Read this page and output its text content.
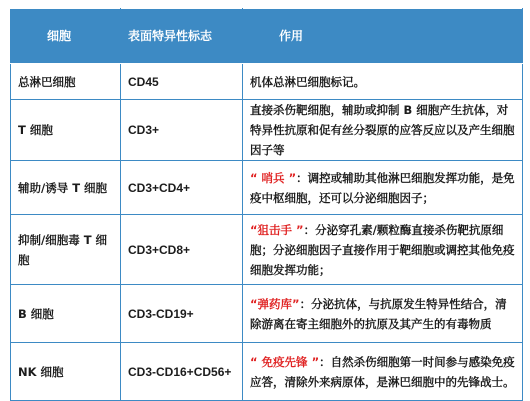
细胞	表面特异性标志	作用
总淋巴细胞	CD45	机体总淋巴细胞标记。
T 细胞	CD3+	直接杀伤靶细胞，辅助或抑制 B 细胞产生抗体，对特异性抗原和促有丝分裂原的应答反应以及产生细胞因子等
辅助/诱导 T 细胞	CD3+CD4+	“ 哨兵 ”：调控或辅助其他淋巴细胞发挥功能，是免疫中枢细胞，还可以分泌细胞因子；
抑制/细胞毒 T 细胞	CD3+CD8+	“狙击手 ”：分泌穿孔素/颗粒酶直接杀伤靶抗原细胞；分泌细胞因子直接作用于靶细胞或调控其他免疫细胞发挥功能；
B 细胞	CD3-CD19+	“弹药库”：分泌抗体，与抗原发生特异性结合，清除游离在寄主细胞外的抗原及其产生的有毒物质
NK 细胞	CD3-CD16+CD56+	“ 免疫先锋 ”：自然杀伤细胞第一时间参与感染免疫应答，清除外来病原体，是淋巴细胞中的先锋战士。
